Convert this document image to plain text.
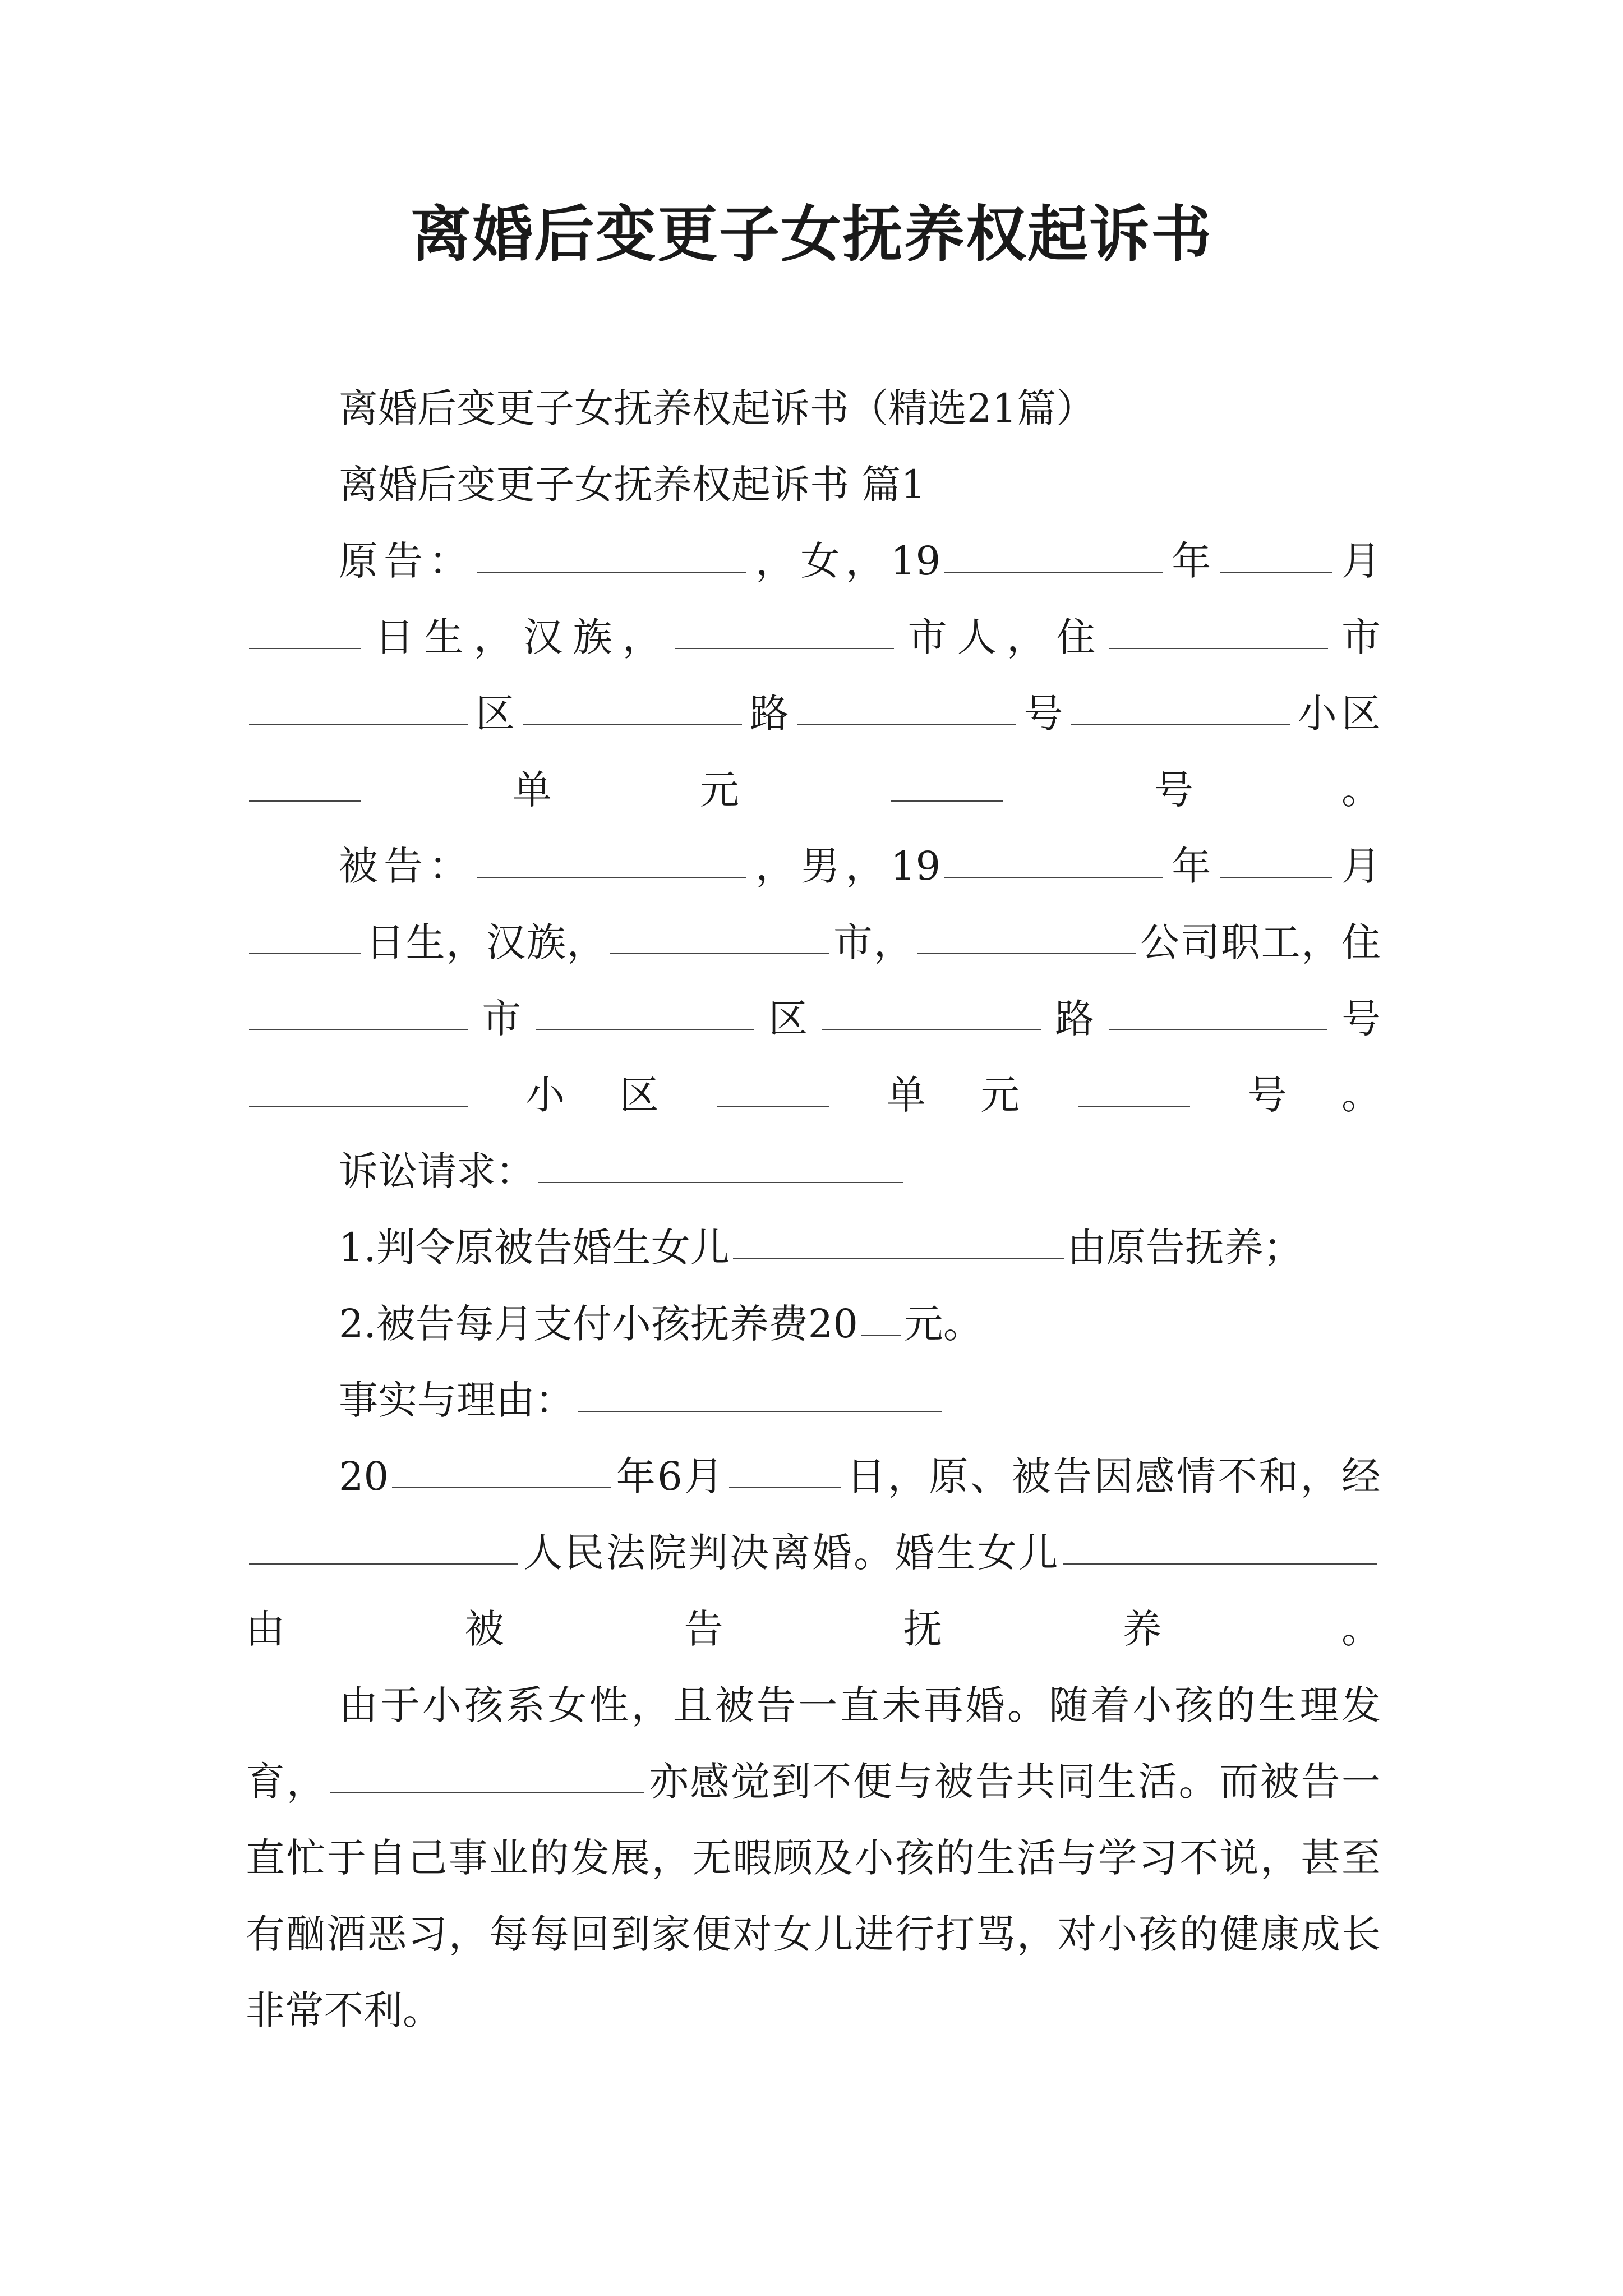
离婚后变更子女抚养权起诉书

离婚后变更子女抚养权起诉书（精选21篇）

离婚后变更子女抚养权起诉书 篇1

原告：	，女，19	年	月日生，汉族，	市人，住	市区	路	号	小区单元	号。

被告：	，男，19	年	月日生，汉族，	市，	公司职工，住市	区	路	号小区	单元	号。

诉讼请求：

1.判令原被告婚生女儿	由原告抚养；

2.被告每月支付小孩抚养费20 元。

事实与理由：

20	年6月	日，原、被告因感情不和，经人民法院判决离婚。婚生女儿由被告抚养。

由于小孩系女性，且被告一直未再婚。随着小孩的生理发育，	亦感觉到不便与被告共同生活。而被告一直忙于自己事业的发展，无暇顾及小孩的生活与学习不说，甚至有酗酒恶习，每每回到家便对女儿进行打骂，对小孩的健康成长非常不利。
